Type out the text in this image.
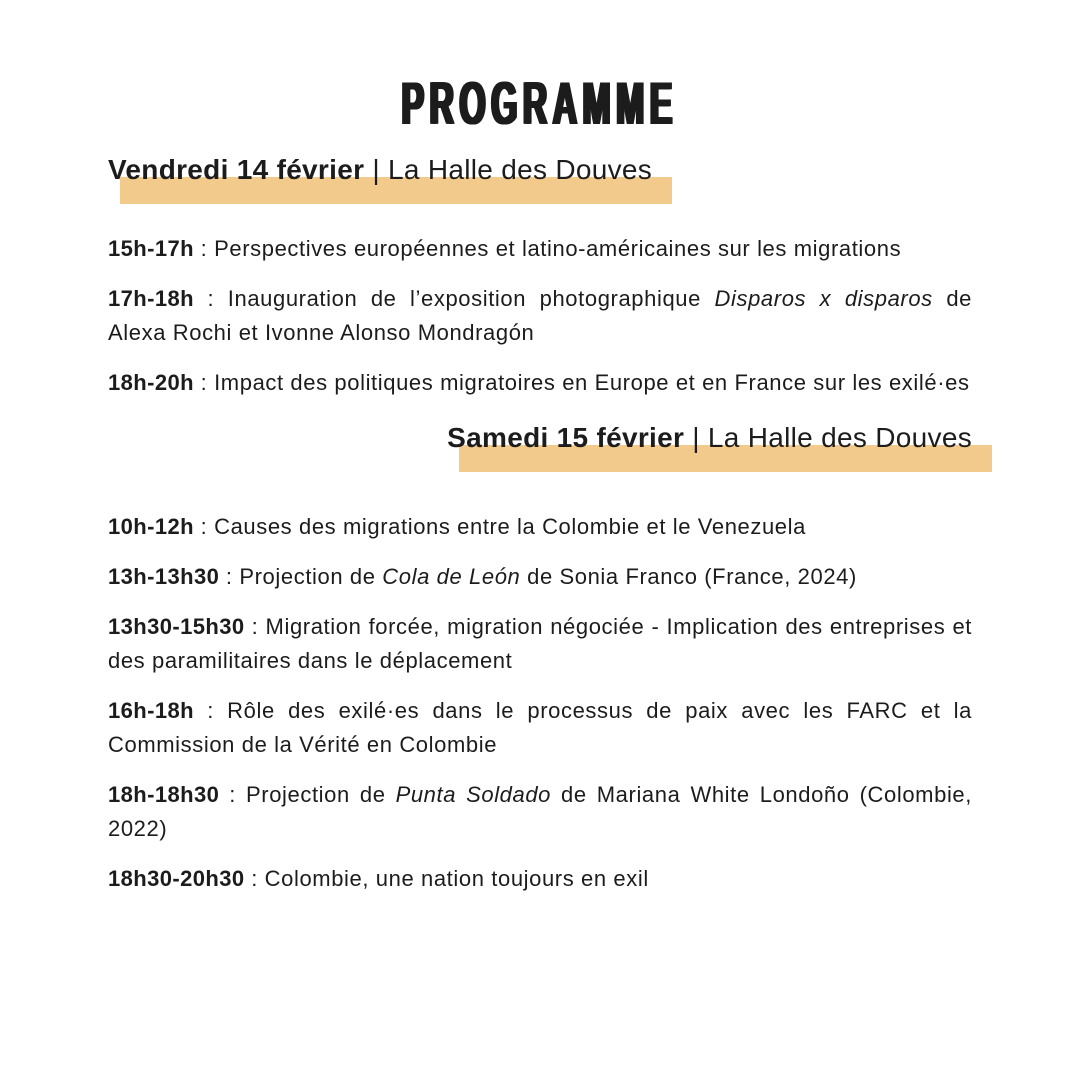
PROGRAMME
Vendredi 14 février | La Halle des Douves

15h-17h : Perspectives européennes et latino-américaines sur les migrations

17h-18h : Inauguration de l’exposition photographique Disparos x disparos de Alexa Rochi et Ivonne Alonso Mondragón

18h-20h : Impact des politiques migratoires en Europe et en France sur les exilé·es

Samedi 15 février | La Halle des Douves

10h-12h : Causes des migrations entre la Colombie et le Venezuela

13h-13h30 : Projection de Cola de León de Sonia Franco (France, 2024)

13h30-15h30 : Migration forcée, migration négociée - Implication des entreprises et des paramilitaires dans le déplacement

16h-18h : Rôle des exilé·es dans le processus de paix avec les FARC et la Commission de la Vérité en Colombie

18h-18h30 : Projection de Punta Soldado de Mariana White Londoño (Colombie, 2022)

18h30-20h30 : Colombie, une nation toujours en exil
